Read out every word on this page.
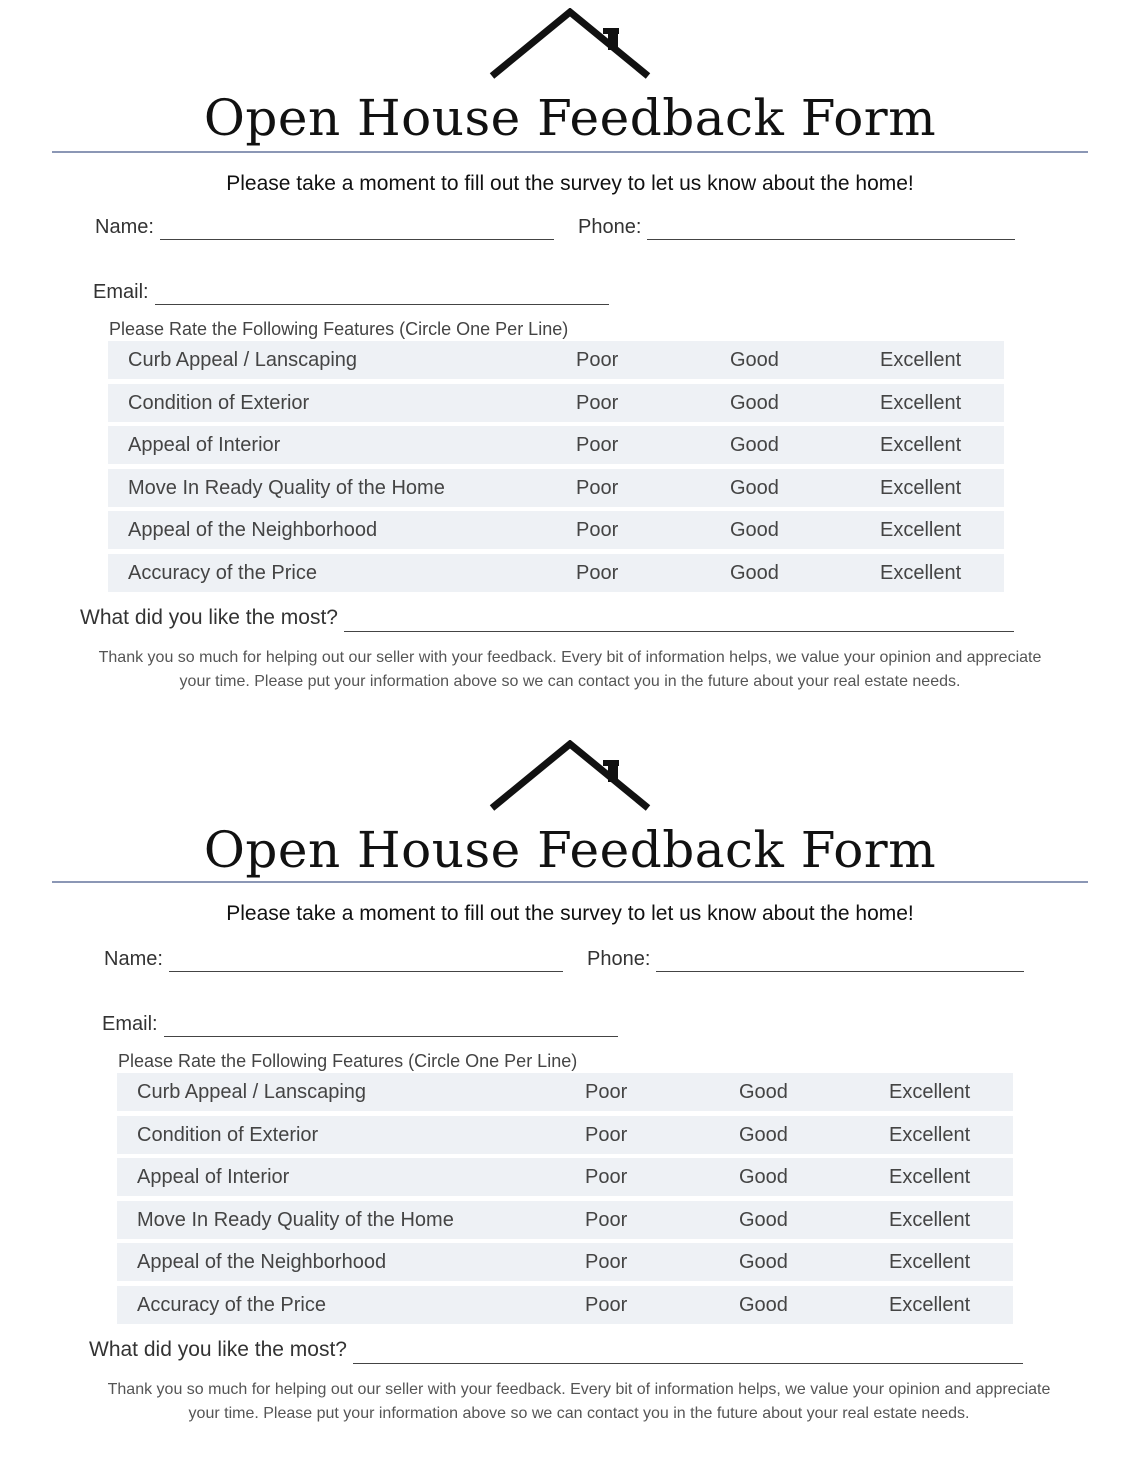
Open House Feedback Form
Please take a moment to fill out the survey to let us know about the home!
Name:	Phone:
Email:
Please Rate the Following Features (Circle One Per Line)
Curb Appeal / Lanscaping	Poor	Good	Excellent
Condition of Exterior	Poor	Good	Excellent
Appeal of Interior	Poor	Good	Excellent
Move In Ready Quality of the Home	Poor	Good	Excellent
Appeal of the Neighborhood	Poor	Good	Excellent
Accuracy of the Price	Poor	Good	Excellent
What did you like the most?
Thank you so much for helping out our seller with your feedback. Every bit of information helps, we value your opinion and appreciate your time. Please put your information above so we can contact you in the future about your real estate needs.
Open House Feedback Form
Please take a moment to fill out the survey to let us know about the home!
Name:	Phone:
Email:
Please Rate the Following Features (Circle One Per Line)
Curb Appeal / Lanscaping	Poor	Good	Excellent
Condition of Exterior	Poor	Good	Excellent
Appeal of Interior	Poor	Good	Excellent
Move In Ready Quality of the Home	Poor	Good	Excellent
Appeal of the Neighborhood	Poor	Good	Excellent
Accuracy of the Price	Poor	Good	Excellent
What did you like the most?
Thank you so much for helping out our seller with your feedback. Every bit of information helps, we value your opinion and appreciate your time. Please put your information above so we can contact you in the future about your real estate needs.
